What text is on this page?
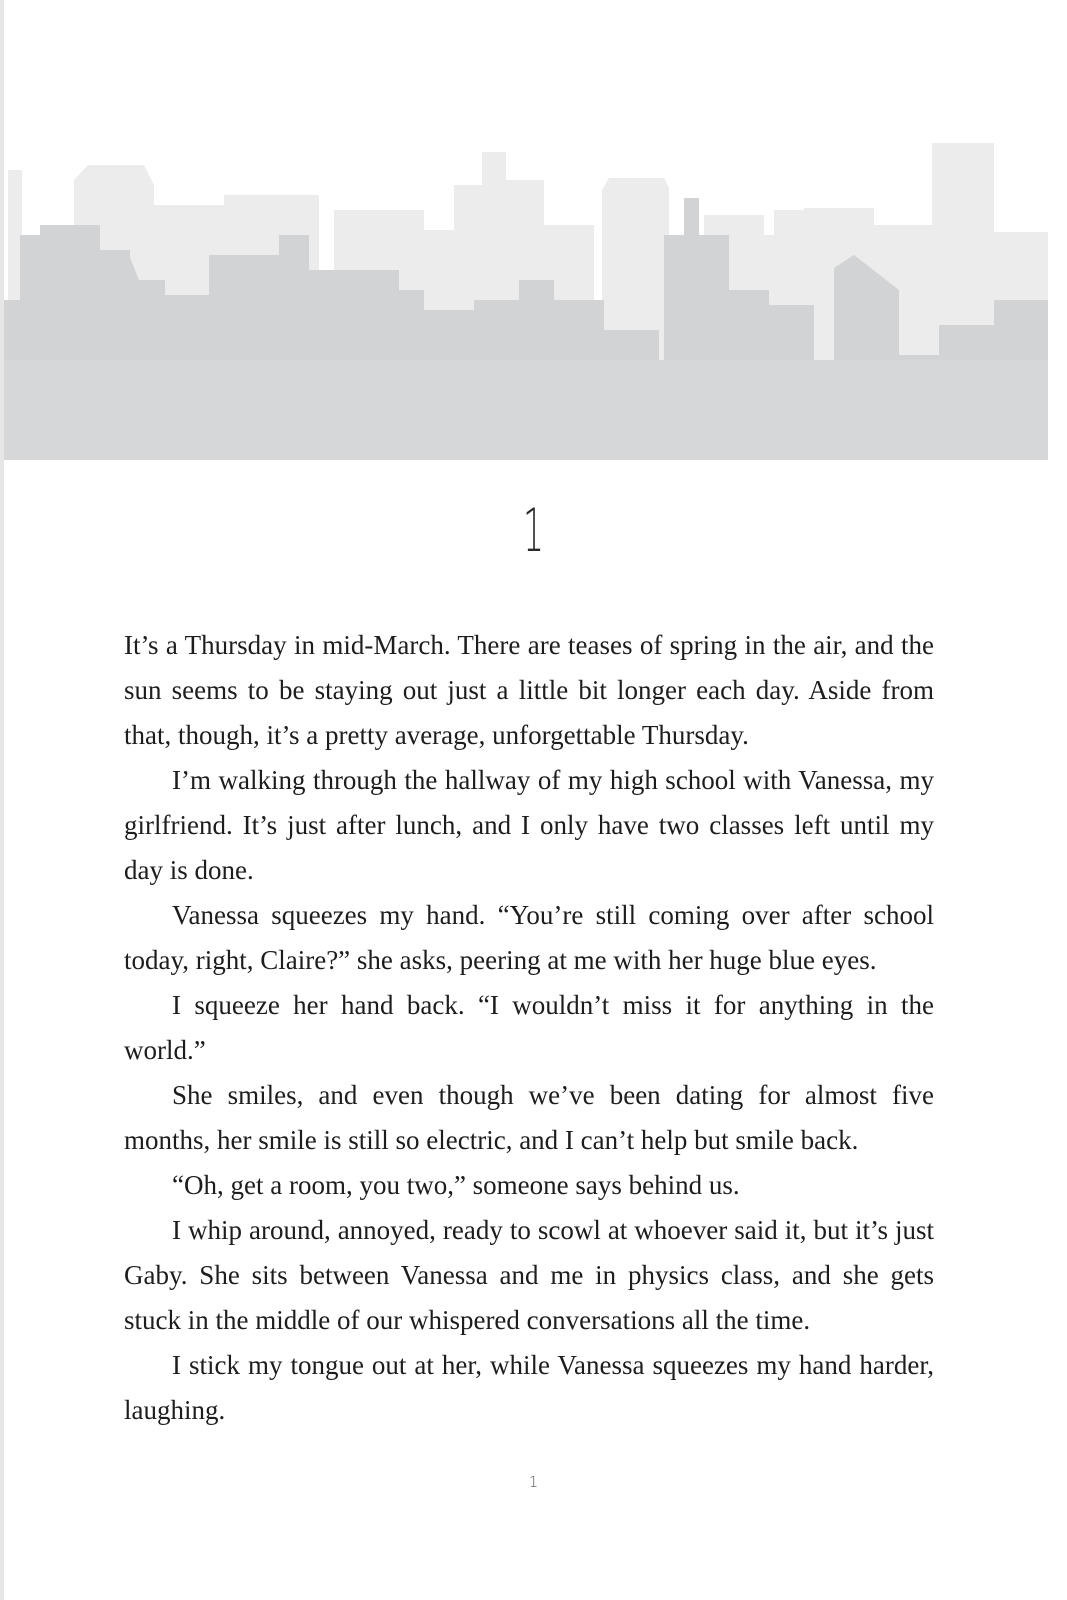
1

It’s a Thursday in mid-March. There are teases of spring in the air, and the sun seems to be staying out just a little bit longer each day. Aside from that, though, it’s a pretty average, unforgettable Thursday.

I’m walking through the hallway of my high school with Vanessa, my girlfriend. It’s just after lunch, and I only have two classes left until my day is done.

Vanessa squeezes my hand. “You’re still coming over after school today, right, Claire?” she asks, peering at me with her huge blue eyes.

I squeeze her hand back. “I wouldn’t miss it for anything in the world.”

She smiles, and even though we’ve been dating for almost five months, her smile is still so electric, and I can’t help but smile back.

“Oh, get a room, you two,” someone says behind us.

I whip around, annoyed, ready to scowl at whoever said it, but it’s just Gaby. She sits between Vanessa and me in physics class, and she gets stuck in the middle of our whispered conversations all the time.

I stick my tongue out at her, while Vanessa squeezes my hand harder, laughing.

1
